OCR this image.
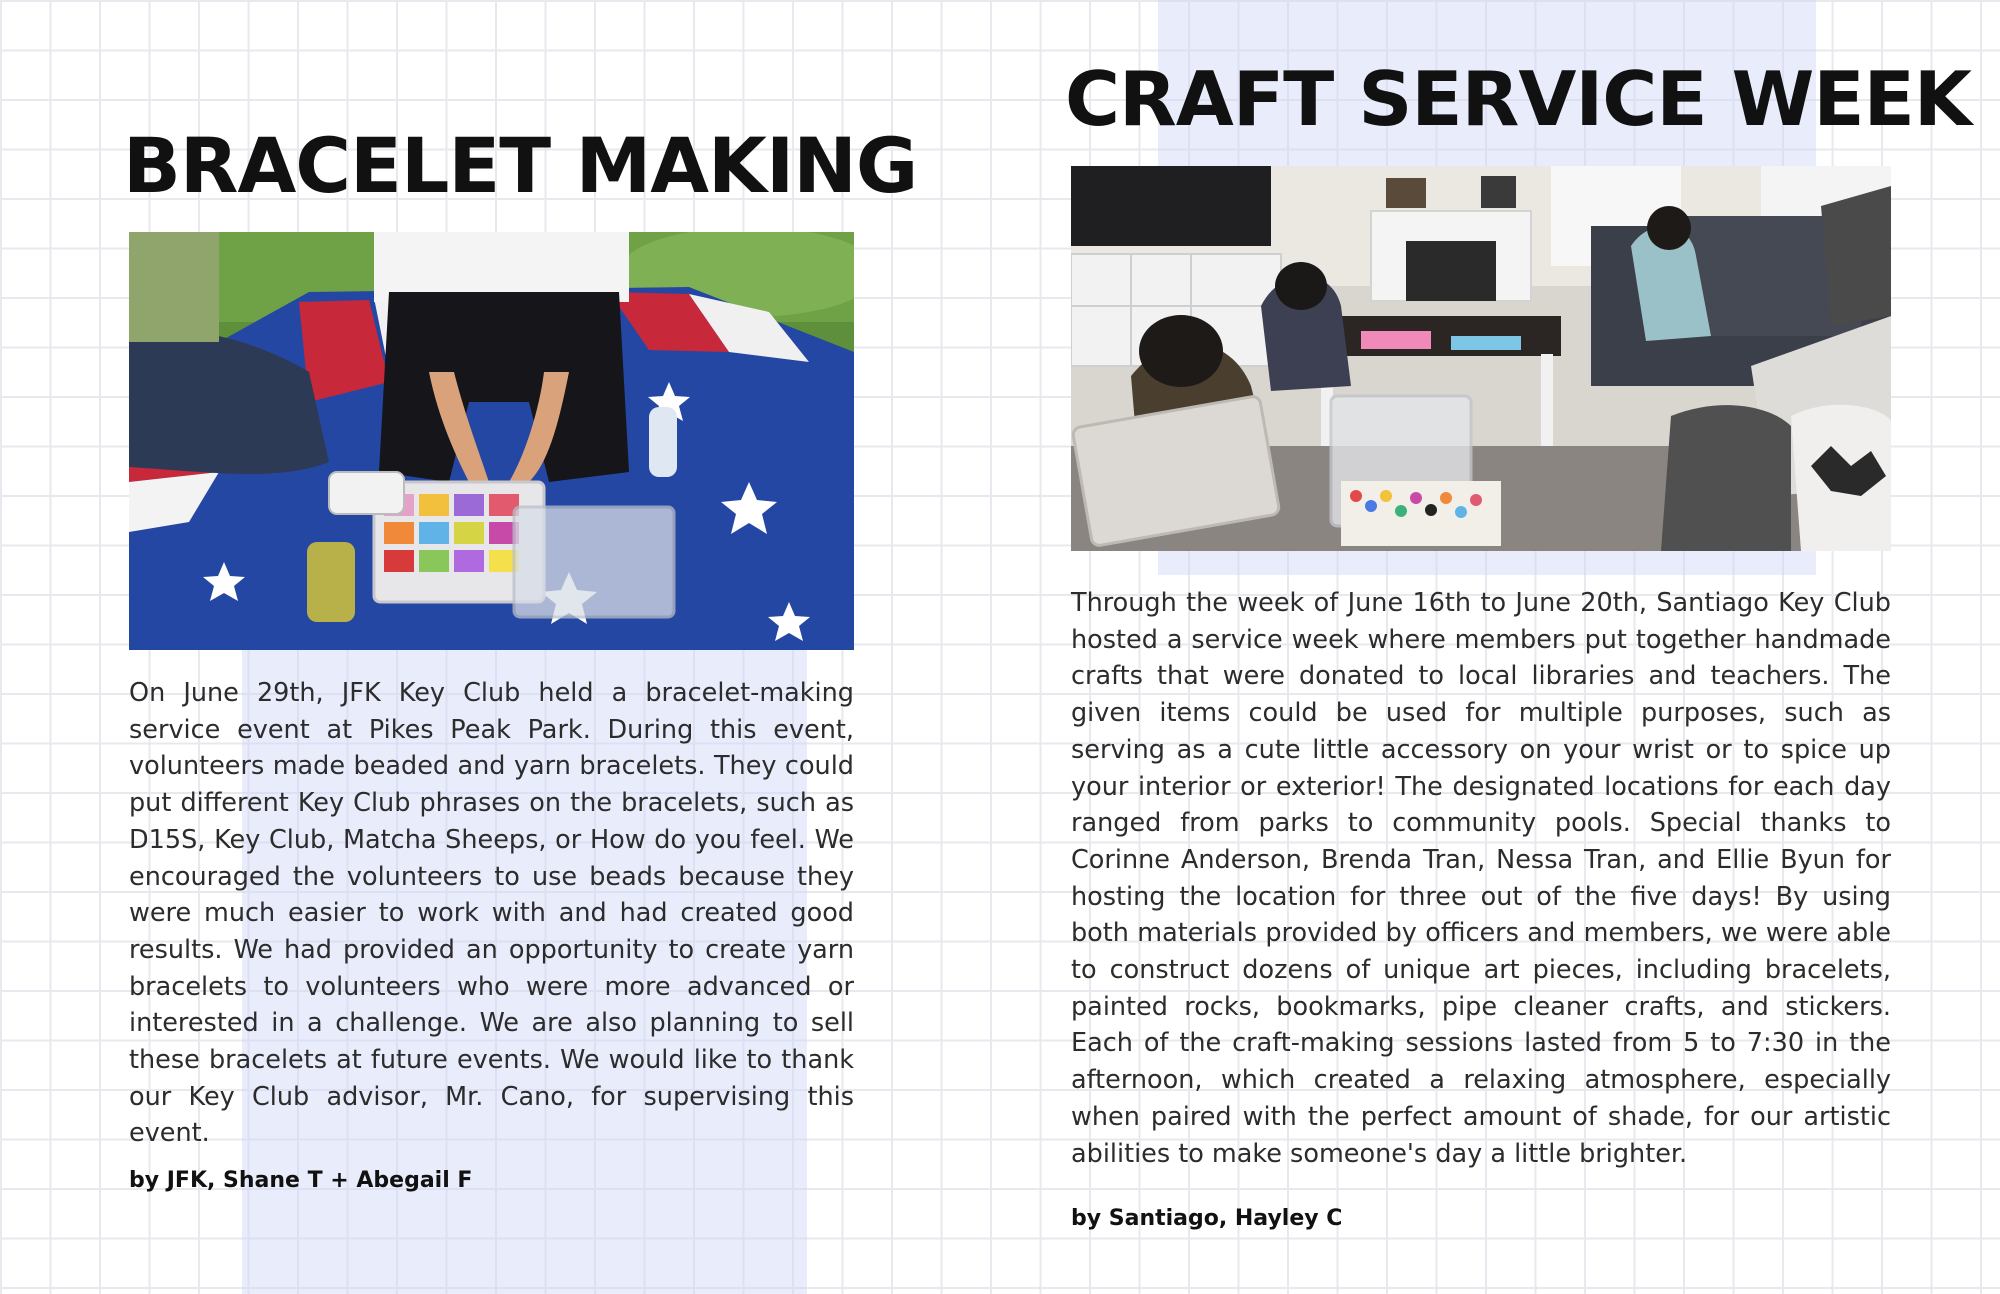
BRACELET MAKING
On June 29th, JFK Key Club held a bracelet-making service event at Pikes Peak Park. During this event, volunteers made beaded and yarn bracelets. They could put different Key Club phrases on the bracelets, such as D15S, Key Club, Matcha Sheeps, or How do you feel. We encouraged the volunteers to use beads because they were much easier to work with and had created good results. We had provided an opportunity to create yarn bracelets to volunteers who were more advanced or interested in a challenge. We are also planning to sell these bracelets at future events. We would like to thank our Key Club advisor, Mr. Cano, for supervising this event.
by JFK, Shane T + Abegail F
CRAFT SERVICE WEEK
Through the week of June 16th to June 20th, Santiago Key Club hosted a service week where members put together handmade crafts that were donated to local libraries and teachers. The given items could be used for multiple purposes, such as serving as a cute little accessory on your wrist or to spice up your interior or exterior! The designated locations for each day ranged from parks to community pools. Special thanks to Corinne Anderson, Brenda Tran, Nessa Tran, and Ellie Byun for hosting the location for three out of the five days! By using both materials provided by officers and members, we were able to construct dozens of unique art pieces, including bracelets, painted rocks, bookmarks, pipe cleaner crafts, and stickers. Each of the craft-making sessions lasted from 5 to 7:30 in the afternoon, which created a relaxing atmosphere, especially when paired with the perfect amount of shade, for our artistic abilities to make someone's day a little brighter.
by Santiago, Hayley C
